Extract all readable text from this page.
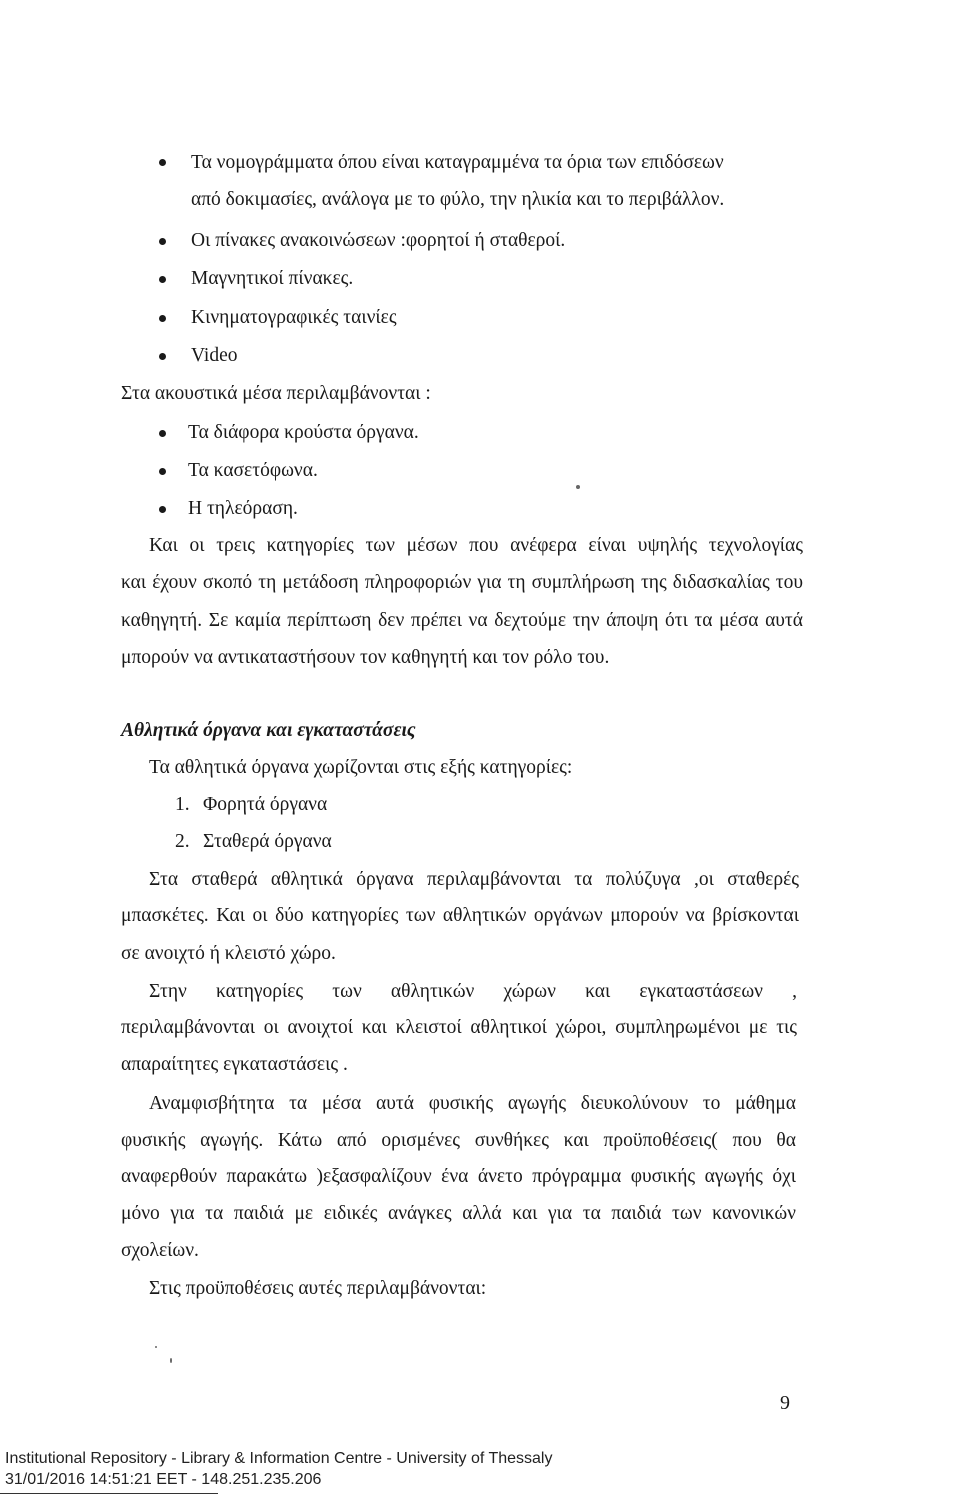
Τα νομογράμματα όπου είναι καταγραμμένα τα όρια των επιδόσεων
από δοκιμασίες, ανάλογα με το φύλο, την ηλικία και το περιβάλλον.
Οι πίνακες ανακοινώσεων :φορητοί ή σταθεροί.
Μαγνητικοί πίνακες.
Κινηματογραφικές ταινίες
Video
Στα ακουστικά μέσα περιλαμβάνονται :
Τα διάφορα κρούστα όργανα.
Τα κασετόφωνα.
Η τηλεόραση.
Και οι τρεις κατηγορίες των μέσων που ανέφερα είναι υψηλής τεχνολογίας
και έχουν σκοπό τη μετάδοση πληροφοριών για τη συμπλήρωση της διδασκαλίας του
καθηγητή. Σε καμία περίπτωση δεν πρέπει να δεχτούμε την άποψη ότι τα μέσα αυτά
μπορούν να αντικαταστήσουν τον καθηγητή και τον ρόλο του.
Αθλητικά όργανα και εγκαταστάσεις
Τα αθλητικά όργανα χωρίζονται στις εξής κατηγορίες:
1. Φορητά όργανα
2. Σταθερά όργανα
Στα σταθερά αθλητικά όργανα περιλαμβάνονται τα πολύζυγα ,οι σταθερές
μπασκέτες. Και οι δύο κατηγορίες των αθλητικών οργάνων μπορούν να βρίσκονται
σε ανοιχτό ή κλειστό χώρο.
Στην κατηγορίες των αθλητικών χώρων και εγκαταστάσεων ,
περιλαμβάνονται οι ανοιχτοί και κλειστοί αθλητικοί χώροι, συμπληρωμένοι με τις
απαραίτητες εγκαταστάσεις .
Αναμφισβήτητα τα μέσα αυτά φυσικής αγωγής διευκολύνουν το μάθημα
φυσικής αγωγής. Κάτω από ορισμένες συνθήκες και προϋποθέσεις( που θα
αναφερθούν παρακάτω )εξασφαλίζουν ένα άνετο πρόγραμμα φυσικής αγωγής όχι
μόνο για τα παιδιά με ειδικές ανάγκες αλλά και για τα παιδιά των κανονικών
σχολείων.
Στις προϋποθέσεις αυτές περιλαμβάνονται:
9
Institutional Repository - Library & Information Centre - University of Thessaly
31/01/2016 14:51:21 EET - 148.251.235.206
